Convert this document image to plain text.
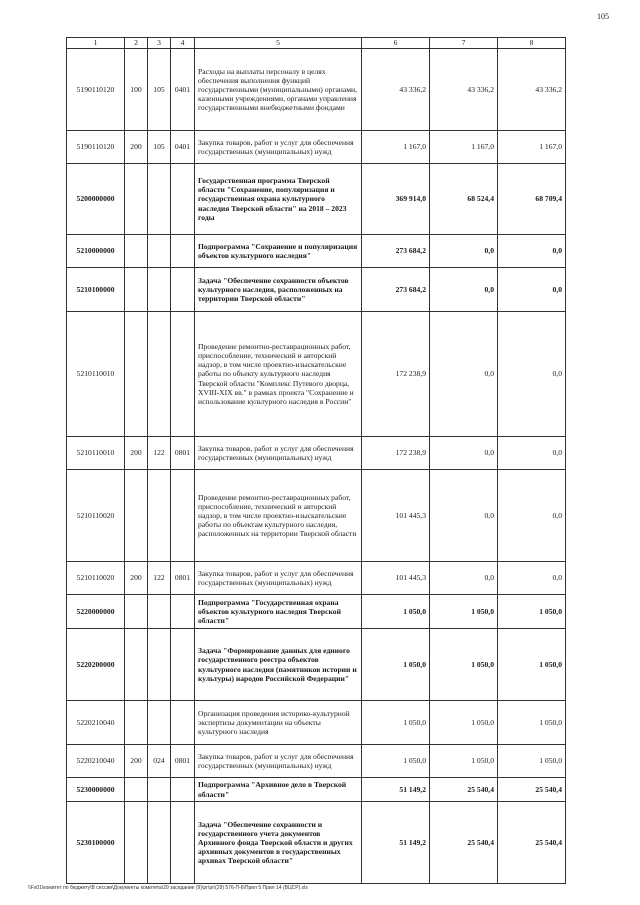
105
1	2	3	4	5	6	7	8
5190110120	100	105	0401	Расходы на выплаты персоналу в целях обеспечения выполнения функций государственными (муниципальными) органами, казенными учреждениями, органами управления государственными внебюджетными фондами	43 336,2	43 336,2	43 336,2
5190110120	200	105	0401	Закупка товаров, работ и услуг для обеспечения государственных (муниципальных) нужд	1 167,0	1 167,0	1 167,0
5200000000				Государственная программа Тверской области "Сохранение, популяризация и государственная охрана культурного наследия Тверской области" на 2018 – 2023 годы	369 914,0	68 524,4	68 709,4
5210000000				Подпрограмма "Сохранение и популяризация объектов культурного наследия"	273 684,2	0,0	0,0
5210100000				Задача "Обеспечение сохранности объектов культурного наследия, расположенных на территории Тверской области"	273 684,2	0,0	0,0
5210110010				Проведение ремонтно-реставрационных работ, приспособление, технический и авторский надзор, в том числе проектно-изыскательские работы по объекту культурного наследия Тверской области "Комплекс Путевого дворца, XVIII-XIX вв." в рамках проекта "Сохранение и использование культурного наследия в России"	172 238,9	0,0	0,0
5210110010	200	122	0801	Закупка товаров, работ и услуг для обеспечения государственных (муниципальных) нужд	172 238,9	0,0	0,0
5210110020				Проведение ремонтно-реставрационных работ, приспособление, технический и авторский надзор, в том числе проектно-изыскательские работы по объектам культурного наследия, расположенных на территории Тверской области	101 445,3	0,0	0,0
5210110020	200	122	0801	Закупка товаров, работ и услуг для обеспечения государственных (муниципальных) нужд	101 445,3	0,0	0,0
5220000000				Подпрограмма "Государственная охрана объектов культурного наследия Тверской области"	1 050,0	1 050,0	1 050,0
5220200000				Задача "Формирование данных для единого государственного реестра объектов культурного наследия (памятников истории и культуры) народов Российской Федерации"	1 050,0	1 050,0	1 050,0
5220210040				Организация проведения историко-культурной экспертизы документации на объекты культурного наследия	1 050,0	1 050,0	1 050,0
5220210040	200	024	0801	Закупка товаров, работ и услуг для обеспечения государственных (муниципальных) нужд	1 050,0	1 050,0	1 050,0
5230000000				Подпрограмма "Архивное дело в Тверской области"	51 149,2	25 540,4	25 540,4
5230100000				Задача "Обеспечение сохранности и государственного учета документов Архивного фонда Тверской области и других архивных документов в государственных архивах Тверской области"	51 149,2	25 540,4	25 540,4
\\Fs01\комитет по бюджету\В сессии\Документы комитета\29 заседание (9)\рг\pr\(29) 576-П-6\Прил 5 Прил 14 (ВЦСР).xls
